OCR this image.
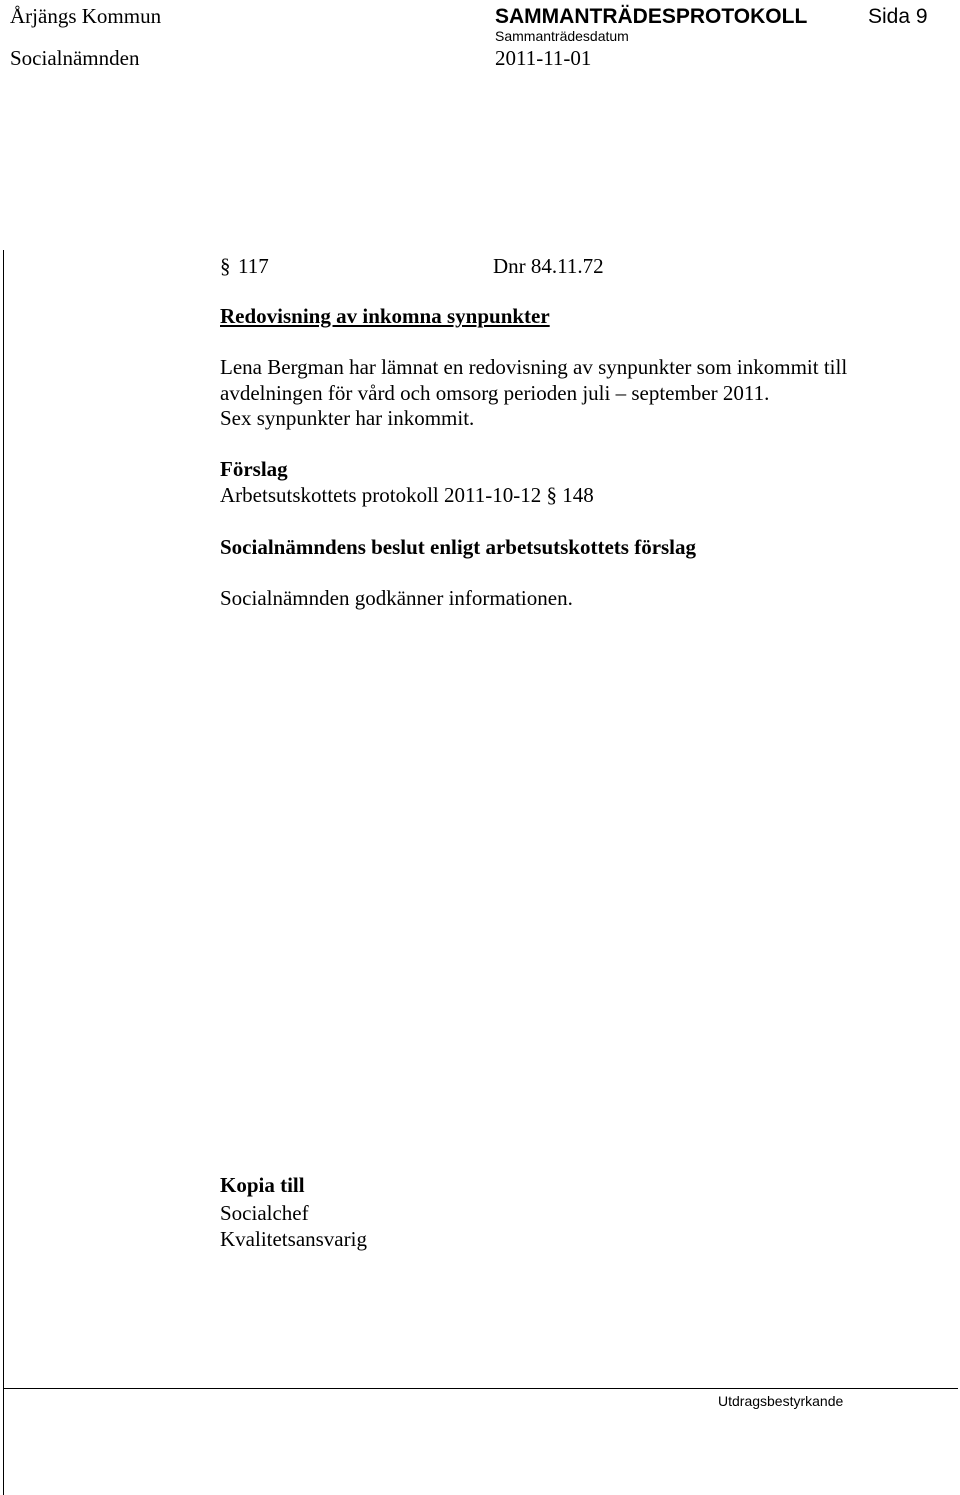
Årjängs Kommun	SAMMANTRÄDESPROTOKOLL	Sida 9
Socialnämnden
Sammanträdesdatum
2011-11-01
§ 117	Dnr 84.11.72
Redovisning av inkomna synpunkter
Lena Bergman har lämnat en redovisning av synpunkter som inkommit till
avdelningen för vård och omsorg perioden juli – september 2011.
Sex synpunkter har inkommit.
Förslag
Arbetsutskottets protokoll 2011-10-12 § 148
Socialnämndens beslut enligt arbetsutskottets förslag
Socialnämnden godkänner informationen.
Kopia till
Socialchef
Kvalitetsansvarig
Utdragsbestyrkande
